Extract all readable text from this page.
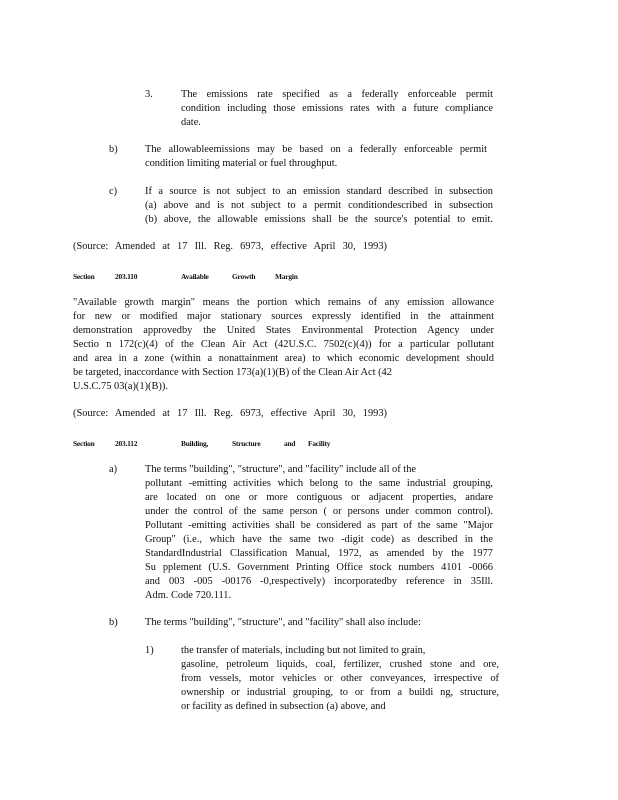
3.	The emissions rate specified as a federally enforceable permit
condition including those emissions rates with a future compliance
date.
b)	The allowableemissions may be based on a federally enforceable permit
condition limiting material or fuel throughput.
c)	If a source is not subject to an emission standard described in subsection
(a) above and is not subject to a permit conditiondescribed in subsection
(b) above, the allowable emissions shall be the source's potential to emit.
(Source: Amended at 17 Ill. Reg. 6973, effective April 30, 1993)
Section	203.110	Available	Growth	Margin
"Available growth margin" means the portion which remains of any emission allowance
for new or modified major stationary sources expressly identified in the attainment
demonstration approvedby the United States Environmental Protection Agency under
Sectio n 172(c)(4) of the Clean Air Act (42U.S.C. 7502(c)(4)) for a particular pollutant
and area in a zone (within a nonattainment area) to which economic development should
be targeted, inaccordance with Section 173(a)(1)(B) of the Clean Air Act (42
U.S.C.75 03(a)(1)(B)).
(Source: Amended at 17 Ill. Reg. 6973, effective April 30, 1993)
Section	203.112	Building,	Structure	and Facility
a)	The terms "building", "structure", and "facility" include all of the
pollutant -emitting activities which belong to the same industrial grouping,
are located on one or more contiguous or adjacent properties, andare
under the control of the same person ( or persons under common control).
Pollutant -emitting activities shall be considered as part of the same "Major
Group" (i.e., which have the same two -digit code) as described in the
StandardIndustrial Classification Manual, 1972, as amended by the 1977
Su pplement (U.S. Government Printing Office stock numbers 4101 -0066
and 003 -005 -00176 -0,respectively) incorporatedby reference in 35Ill.
Adm. Code 720.111.
b)	The terms "building", "structure", and "facility" shall also include:
1)	the transfer of materials, including but not limited to grain,
gasoline, petroleum liquids, coal, fertilizer, crushed stone and ore,
from vessels, motor vehicles or other conveyances, irrespective of
ownership or industrial grouping, to or from a buildi ng, structure,
or facility as defined in subsection (a) above, and
